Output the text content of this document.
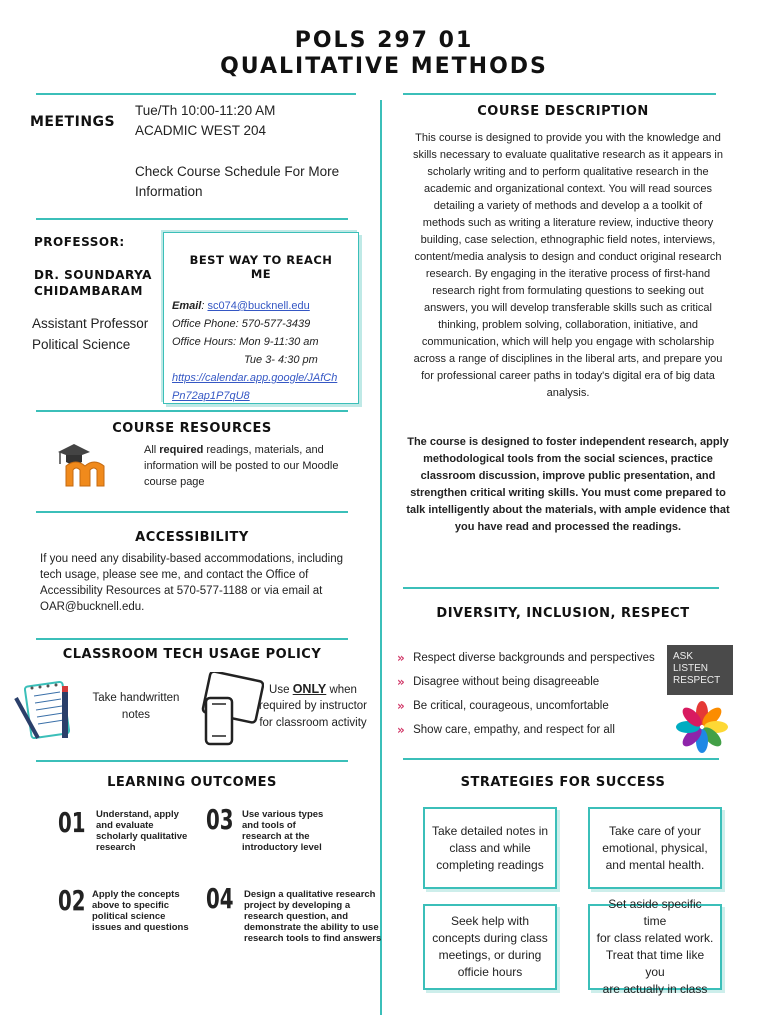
POLS 297 01
QUALITATIVE METHODS
MEETINGS
Tue/Th 10:00-11:20 AM
ACADMIC WEST 204
Check Course Schedule For More
Information
PROFESSOR:
DR. SOUNDARYA
CHIDAMBARAM
Assistant Professor
Political Science
BEST WAY TO REACH
ME
Email: sc074@bucknell.edu
Office Phone: 570-577-3439
Office Hours: Mon 9-11:30 am
Tue 3- 4:30 pm
https://calendar.app.google/JAfCh
Pn72ap1P7qU8
COURSE RESOURCES
All required readings, materials, and
information will be posted to our Moodle
course page
ACCESSIBILITY
If you need any disability-based accommodations, including
tech usage, please see me, and contact the Office of
Accessibility Resources at 570-577-1188 or via email at
OAR@bucknell.edu.
CLASSROOM TECH USAGE POLICY
Take handwritten
notes
Use ONLY when
required by instructor
for classroom activity
LEARNING OUTCOMES
01 Understand, apply
and evaluate
scholarly qualitative
research
03 Use various types
and tools of
research at the
introductory level
02 Apply the concepts
above to specific
political science
issues and questions
04 Design a qualitative research
project by developing a
research question, and
demonstrate the ability to use
research tools to find answers
COURSE DESCRIPTION
This course is designed to provide you with the knowledge and
skills necessary to evaluate qualitative research as it appears in
scholarly writing and to perform qualitative research in the
academic and organizational context. You will read sources
detailing a variety of methods and develop a a toolkit of
methods such as writing a literature review, inductive theory
building, case selection, ethnographic field notes, interviews,
content/media analysis to design and conduct original research
research. By engaging in the iterative process of first-hand
research right from formulating questions to seeking out
answers, you will develop transferable skills such as critical
thinking, problem solving, collaboration, initiative, and
communication, which will help you engage with scholarship
across a range of disciplines in the liberal arts, and prepare you
for professional career paths in today's digital era of big data
analysis.
The course is designed to foster independent research, apply
methodological tools from the social sciences, practice
classroom discussion, improve public presentation, and
strengthen critical writing skills. You must come prepared to
talk intelligently about the materials, with ample evidence that
you have read and processed the readings.
DIVERSITY, INCLUSION, RESPECT
» Respect diverse backgrounds and perspectives
» Disagree without being disagreeable
» Be critical, courageous, uncomfortable
» Show care, empathy, and respect for all
ASK
LISTEN
RESPECT
STRATEGIES FOR SUCCESS
Take detailed notes in
class and while
completing readings
Take care of your
emotional, physical,
and mental health.
Seek help with
concepts during class
meetings, or during
officie hours
Set aside specific time
for class related work.
Treat that time like you
are actually in class
